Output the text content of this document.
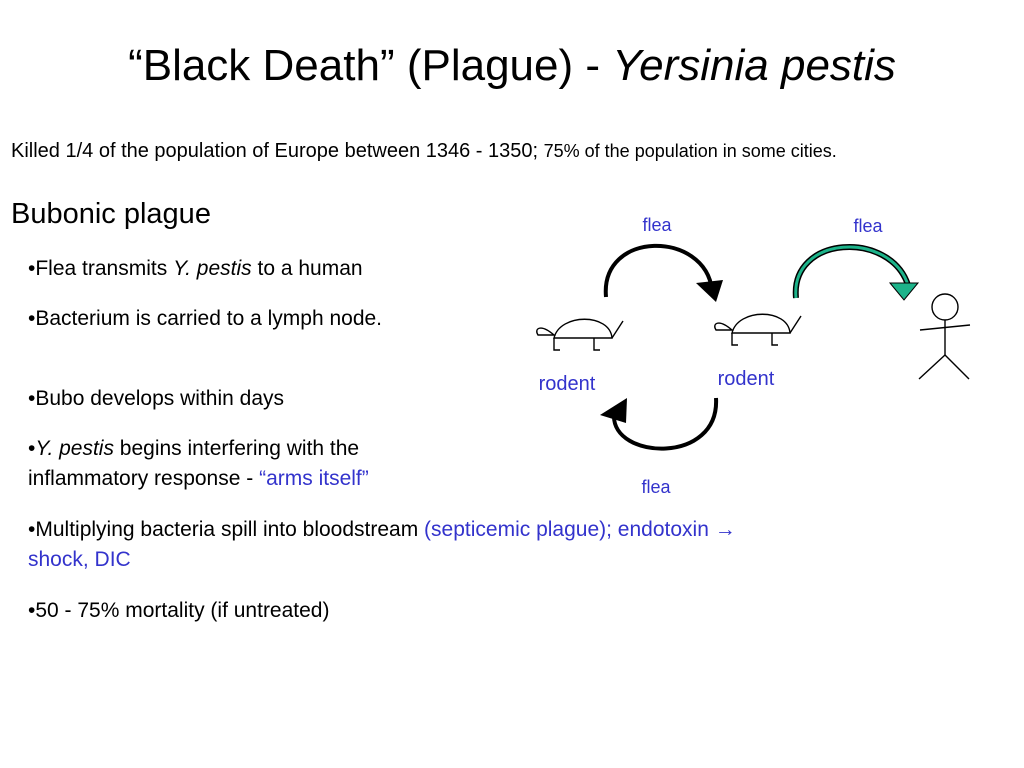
“Black Death” (Plague) - Yersinia pestis
Killed 1/4 of the population of Europe between 1346 - 1350; 75% of the population in some cities.
Bubonic plague
•Flea transmits Y. pestis to a human
•Bacterium is carried to a lymph node.
•Bubo develops within days
•Y. pestis begins interfering with the inflammatory response - “arms itself”
•Multiplying bacteria spill into bloodstream (septicemic plague); endotoxin → shock, DIC
•50 - 75% mortality (if untreated)
flea	flea
flea
rodent	rodent
